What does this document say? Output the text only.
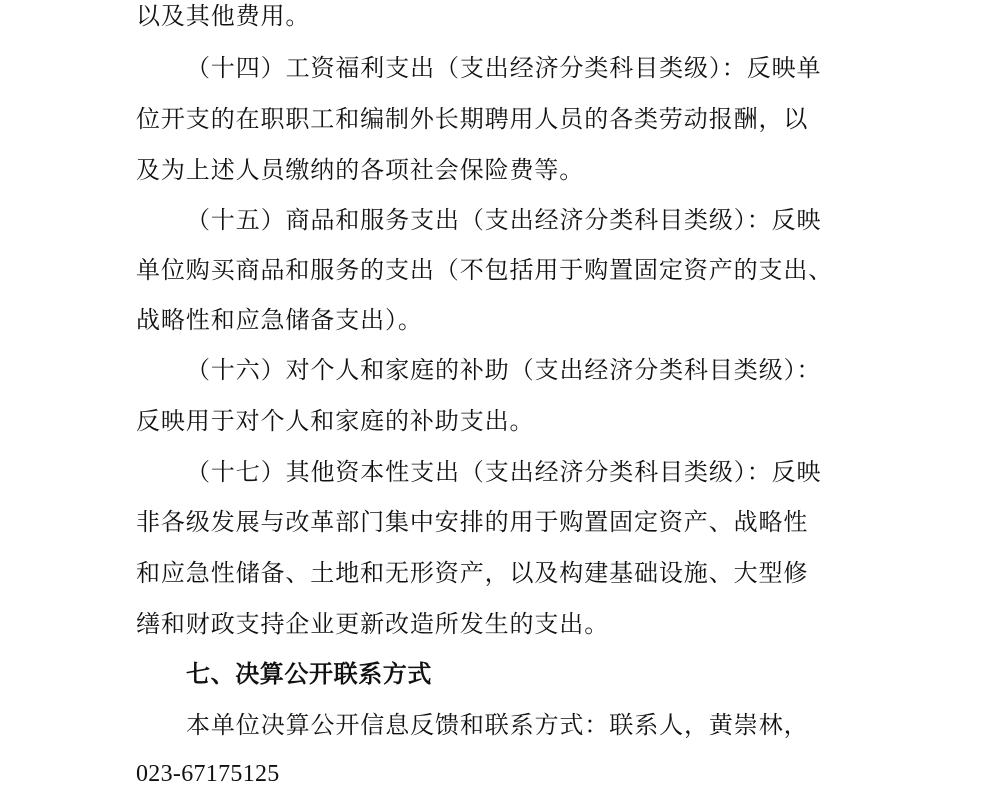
以及其他费用。
（十四）工资福利支出（支出经济分类科目类级）：反映单
位开支的在职职工和编制外长期聘用人员的各类劳动报酬，以
及为上述人员缴纳的各项社会保险费等。
（十五）商品和服务支出（支出经济分类科目类级）：反映
单位购买商品和服务的支出（不包括用于购置固定资产的支出、
战略性和应急储备支出）。
（十六）对个人和家庭的补助（支出经济分类科目类级）：
反映用于对个人和家庭的补助支出。
（十七）其他资本性支出（支出经济分类科目类级）：反映
非各级发展与改革部门集中安排的用于购置固定资产、战略性
和应急性储备、土地和无形资产，以及构建基础设施、大型修
缮和财政支持企业更新改造所发生的支出。
七、决算公开联系方式
本单位决算公开信息反馈和联系方式：联系人，黄崇林，
023-67175125
